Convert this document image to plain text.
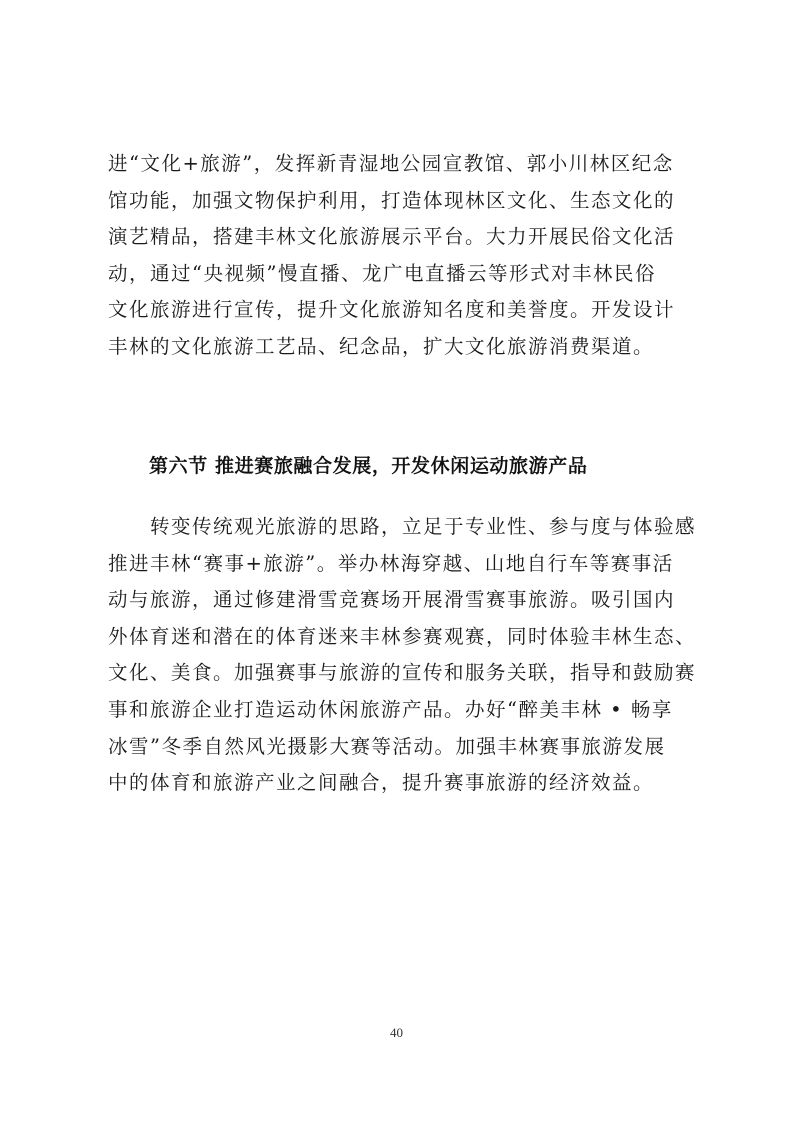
进“文化+旅游”，发挥新青湿地公园宣教馆、郭小川林区纪念
馆功能，加强文物保护利用，打造体现林区文化、生态文化的
演艺精品，搭建丰林文化旅游展示平台。大力开展民俗文化活
动，通过“央视频”慢直播、龙广电直播云等形式对丰林民俗
文化旅游进行宣传，提升文化旅游知名度和美誉度。开发设计
丰林的文化旅游工艺品、纪念品，扩大文化旅游消费渠道。
第六节 推进赛旅融合发展，开发休闲运动旅游产品
　　转变传统观光旅游的思路，立足于专业性、参与度与体验感
推进丰林“赛事+旅游”。举办林海穿越、山地自行车等赛事活
动与旅游，通过修建滑雪竞赛场开展滑雪赛事旅游。吸引国内
外体育迷和潜在的体育迷来丰林参赛观赛，同时体验丰林生态、
文化、美食。加强赛事与旅游的宣传和服务关联，指导和鼓励赛
事和旅游企业打造运动休闲旅游产品。办好“醉美丰林 • 畅享
冰雪”冬季自然风光摄影大赛等活动。加强丰林赛事旅游发展
中的体育和旅游产业之间融合，提升赛事旅游的经济效益。
40
